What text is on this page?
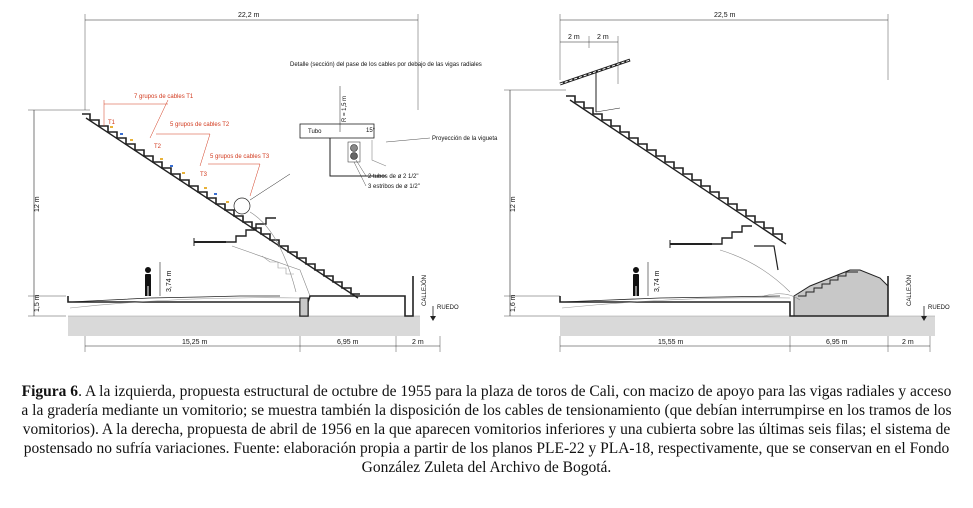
22,2 m
12 m
1,5 m
3,74 m	CALLEJÓN
RUEDO
15,25 m	6,95 m	2 m
7 grupos de cables T1
5 grupos de cables T2
5 grupos de cables T3
T1
T2
T3
Detalle (sección) del pase de los cables por debajo de las vigas radiales
R = 1,5 m
Tubo	15°
Proyección de la vigueta
2 tubos de ø 2 1/2"
3 estribos de ø 1/2"
22,5 m
2 m 2 m
12 m
1,6 m
3,74 m	CALLEJÓN
RUEDO
15,55 m	6,95 m	2 m
Figura 6. A la izquierda, propuesta estructural de octubre de 1955 para la plaza de toros de Cali, con macizo de apoyo para las vigas radiales y acceso a la gradería mediante un vomitorio; se muestra también la disposición de los cables de tensionamiento (que debían interrumpirse en los tramos de los vomitorios). A la derecha, propuesta de abril de 1956 en la que aparecen vomitorios inferiores y una cubierta sobre las últimas seis filas; el sistema de postensado no sufría variaciones. Fuente: elaboración propia a partir de los planos PLE-22 y PLA-18, respectivamente, que se conservan en el Fondo González Zuleta del Archivo de Bogotá.
